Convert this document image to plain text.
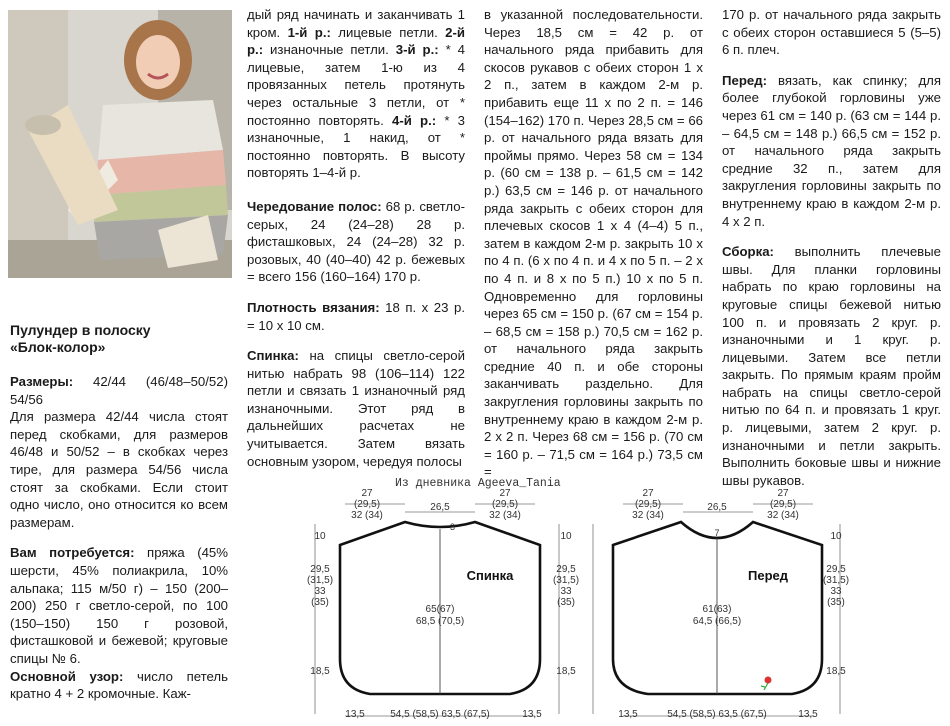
Пулундер в полоску
«Блок-колор»

Размеры: 42/44 (46/48–50/52) 54/56

Для размера 42/44 числа стоят перед скобками, для размеров 46/48 и 50/52 – в скобках через тире, для размера 54/56 числа стоят за скобками. Если стоит одно число, оно относится ко всем размерам.

Вам потребуется: пряжа (45% шерсти, 45% полиакрила, 10% альпака; 115 м/50 г) – 150 (200–200) 250 г светло-серой, по 100 (150–150) 150 г розовой, фисташковой и бежевой; круговые спицы № 6.

Основной узор: число петель кратно 4 + 2 кромочные. Каж-

дый ряд начинать и заканчивать 1 кром. 1-й р.: лицевые петли. 2-й р.: изнаночные петли. 3-й р.: * 4 лицевые, затем 1-ю из 4 провязанных петель протянуть через остальные 3 петли, от * постоянно повторять. 4-й р.: * 3 изнаночные, 1 накид, от * постоянно повторять. В высоту повторять 1–4-й р.

Чередование полос: 68 р. светло-серых, 24 (24–28) 28 р. фисташковых, 24 (24–28) 32 р. розовых, 40 (40–40) 42 р. бежевых = всего 156 (160–164) 170 р.

Плотность вязания: 18 п. х 23 р. = 10 х 10 см.

Спинка: на спицы светло-серой нитью набрать 98 (106–114) 122 петли и связать 1 изнаночный ряд изнаночными. Этот ряд в дальнейших расчетах не учитывается. Затем вязать основным узором, чередуя полосы

в указанной последовательности. Через 18,5 см = 42 р. от начального ряда прибавить для скосов рукавов с обеих сторон 1 х 2 п., затем в каждом 2-м р. прибавить еще 11 х по 2 п. = 146 (154–162) 170 п. Через 28,5 см = 66 р. от начального ряда вязать для проймы прямо. Через 58 см = 134 р. (60 см = 138 р. – 61,5 см = 142 р.) 63,5 см = 146 р. от начального ряда закрыть с обеих сторон для плечевых скосов 1 х 4 (4–4) 5 п., затем в каждом 2-м р. закрыть 10 х по 4 п. (6 х по 4 п. и 4 х по 5 п. – 2 х по 4 п. и 8 х по 5 п.) 10 х по 5 п. Одновременно для горловины через 65 см = 150 р. (67 см = 154 р. – 68,5 см = 158 р.) 70,5 см = 162 р. от начального ряда закрыть средние 40 п. и обе стороны заканчивать раздельно. Для закругления горловины закрыть по внутреннему краю в каждом 2-м р. 2 х 2 п. Через 68 см = 156 р. (70 см = 160 р. – 71,5 см = 164 р.) 73,5 см =

170 р. от начального ряда закрыть с обеих сторон оставшиеся 5 (5–5) 6 п. плеч.

Перед: вязать, как спинку; для более глубокой горловины уже через 61 см = 140 р. (63 см = 144 р. – 64,5 см = 148 р.) 66,5 см = 152 р. от начального ряда закрыть средние 32 п., затем для закругления горловины закрыть по внутреннему краю в каждом 2-м р. 4 х 2 п.

Сборка: выполнить плечевые швы. Для планки горловины набрать по краю горловины на круговые спицы бежевой нитью 100 п. и провязать 2 круг. р. изнаночными и 1 круг. р. лицевыми. Затем все петли закрыть. По прямым краям пройм набрать на спицы светло-серой нитью по 64 п. и провязать 1 круг. р. лицевыми, затем 2 круг. р. изнаночными и петли закрыть. Выполнить боковые швы и нижние швы рукавов.

Из дневника Ageeva_Tania
27
(29,5)
32 (34)
27
(29,5)
32 (34)
26,5
3
Спинка
65(67)
68,5 (70,5)
10
29,5
(31,5)
33
(35)
18,5
13,5	54,5 (58,5) 63,5 (67,5)	13,5
27
(29,5)
32 (34)
27
(29,5)
32 (34)
26,5
7
Перед
61(63)
64,5 (66,5)
10
29,5
(31,5)
33
(35)
18,5
10
29,5
(31,5)
33
(35)
18,5
13,5	54,5 (58,5) 63,5 (67,5)	13,5
